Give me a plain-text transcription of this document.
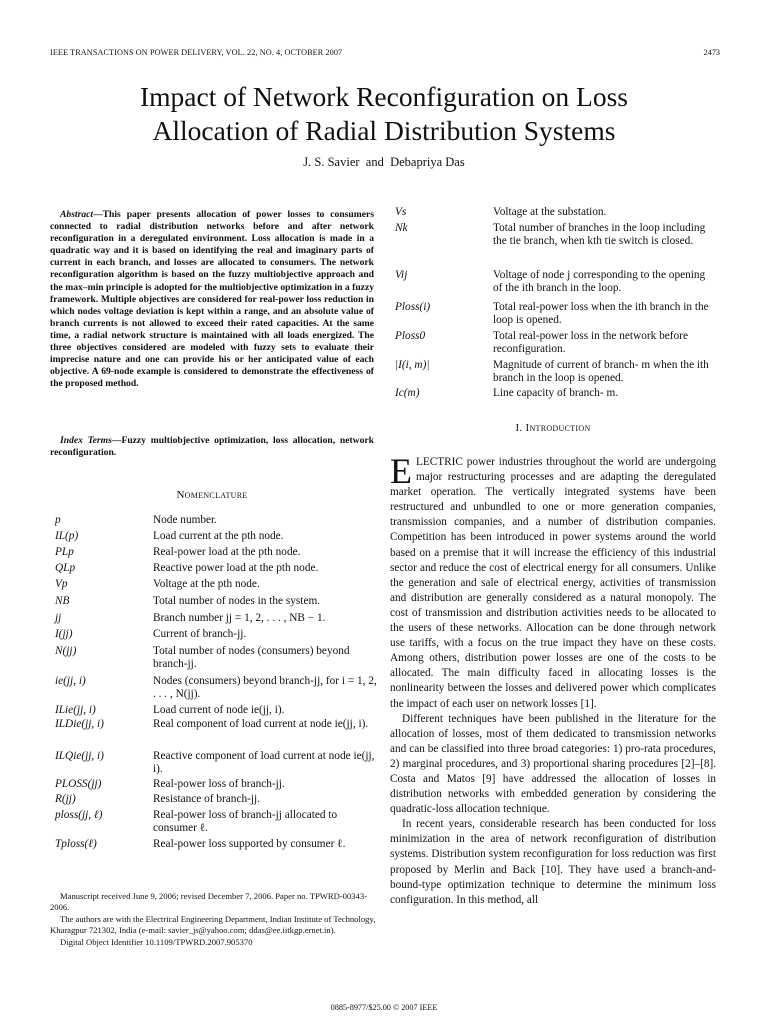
IEEE TRANSACTIONS ON POWER DELIVERY, VOL. 22, NO. 4, OCTOBER 2007	2473
Impact of Network Reconfiguration on Loss
Allocation of Radial Distribution Systems
J. S. Savier  and  Debapriya Das
Abstract—This paper presents allocation of power losses to consumers connected to radial distribution networks before and after network reconfiguration in a deregulated environment. Loss allocation is made in a quadratic way and it is based on identifying the real and imaginary parts of current in each branch, and losses are allocated to consumers. The network reconfiguration algorithm is based on the fuzzy multiobjective approach and the max–min principle is adopted for the multiobjective optimization in a fuzzy framework. Multiple objectives are considered for real-power loss reduction in which nodes voltage deviation is kept within a range, and an absolute value of branch currents is not allowed to exceed their rated capacities. At the same time, a radial network structure is maintained with all loads energized. The three objectives considered are modeled with fuzzy sets to evaluate their imprecise nature and one can provide his or her anticipated value of each objective. A 69-node example is considered to demonstrate the effectiveness of the proposed method.
Index Terms—Fuzzy multiobjective optimization, loss allocation, network reconfiguration.
Nomenclature
p	Node number.
IL(p)	Load current at the pth node.
PLp	Real-power load at the pth node.
QLp	Reactive power load at the pth node.
Vp	Voltage at the pth node.
NB	Total number of nodes in the system.
jj	Branch number jj = 1, 2, . . . , NB − 1.
I(jj)	Current of branch-jj.
N(jj)	Total number of nodes (consumers) beyond branch-jj.
ie(jj, i)	Nodes (consumers) beyond branch-jj, for i = 1, 2, . . . , N(jj).
ILie(jj, i)	Load current of node ie(jj, i).
ILDie(jj, i)	Real component of load current at node ie(jj, i).
ILQie(jj, i)	Reactive component of load current at node ie(jj, i).
PLOSS(jj)	Real-power loss of branch-jj.
R(jj)	Resistance of branch-jj.
ploss(jj, ℓ)	Real-power loss of branch-jj allocated to consumer ℓ.
Tploss(ℓ)	Real-power loss supported by consumer ℓ.
Vs	Voltage at the substation.
Nk	Total number of branches in the loop including the tie branch, when kth tie switch is closed.
Vij	Voltage of node j corresponding to the opening of the ith branch in the loop.
Ploss(i)	Total real-power loss when the ith branch in the loop is opened.
Ploss0	Total real-power loss in the network before reconfiguration.
|I(i, m)|	Magnitude of current of branch- m when the ith branch in the loop is opened.
Ic(m)	Line capacity of branch- m.

Manuscript received June 9, 2006; revised December 7, 2006. Paper no. TPWRD-00343-2006.

The authors are with the Electrical Engineering Department, Indian Institute of Technology, Kharagpur 721302, India (e-mail: savier_js@yahoo.com; ddas@ee.iitkgp.ernet.in).

Digital Object Identifier 10.1109/TPWRD.2007.905370

I. Introduction

ELECTRIC power industries throughout the world are undergoing major restructuring processes and are adapting the deregulated market operation. The vertically integrated systems have been restructured and unbundled to one or more generation companies, transmission companies, and a number of distribution companies. Competition has been introduced in power systems around the world based on a premise that it will increase the efficiency of this industrial sector and reduce the cost of electrical energy for all consumers. Unlike the generation and sale of electrical energy, activities of transmission and distribution are generally considered as a natural monopoly. The cost of transmission and distribution activities needs to be allocated to the users of these networks. Allocation can be done through network use tariffs, with a focus on the true impact they have on these costs. Among others, distribution power losses are one of the costs to be allocated. The main difficulty faced in allocating losses is the nonlinearity between the losses and delivered power which complicates the impact of each user on network losses [1].

Different techniques have been published in the literature for the allocation of losses, most of them dedicated to transmission networks and can be classified into three broad categories: 1) pro-rata procedures, 2) marginal procedures, and 3) proportional sharing procedures [2]–[8]. Costa and Matos [9] have addressed the allocation of losses in distribution networks with embedded generation by considering the quadratic-loss allocation technique.

In recent years, considerable research has been conducted for loss minimization in the area of network reconfiguration of distribution systems. Distribution system reconfiguration for loss reduction was first proposed by Merlin and Back [10]. They have used a branch-and-bound-type optimization technique to determine the minimum loss configuration. In this method, all

0885-8977/$25.00 © 2007 IEEE
